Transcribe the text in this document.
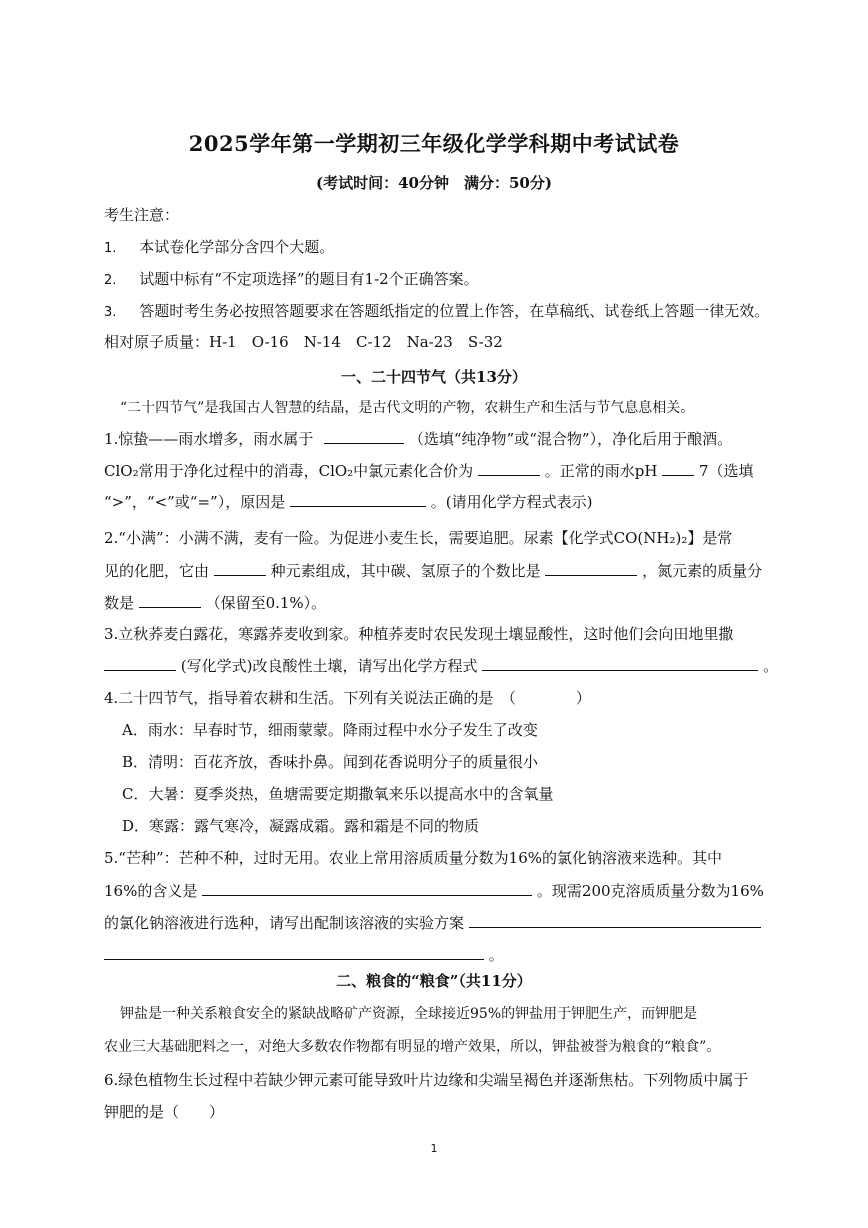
2025学年第一学期初三年级化学学科期中考试试卷
(考试时间：40分钟　满分：50分)
考生注意：
1. 本试卷化学部分含四个大题。
2. 试题中标有“不定项选择”的题目有1-2个正确答案。
3. 答题时考生务必按照答题要求在答题纸指定的位置上作答，在草稿纸、试卷纸上答题一律无效。
相对原子质量：H-1　O-16　N-14　C-12　Na-23　S-32
一、二十四节气（共13分）
“二十四节气”是我国古人智慧的结晶，是古代文明的产物，农耕生产和生活与节气息息相关。
1.惊蛰——雨水增多，雨水属于	（选填“纯净物”或“混合物”），净化后用于酿酒。
ClO₂常用于净化过程中的消毒，ClO₂中氯元素化合价为	。正常的雨水pH	7（选填
“>”，“<”或“=”），原因是	。(请用化学方程式表示)
2.“小满”：小满不满，麦有一险。为促进小麦生长，需要追肥。尿素【化学式CO(NH₂)₂】是常
见的化肥，它由	种元素组成，其中碳、氢原子的个数比是	，氮元素的质量分
数是	（保留至0.1%）。
3.立秋荞麦白露花，寒露荞麦收到家。种植荞麦时农民发现土壤显酸性，这时他们会向田地里撒
(写化学式)改良酸性土壤，请写出化学方程式	。
4.二十四节气，指导着农耕和生活。下列有关说法正确的是　（　　　　）
A．雨水：早春时节，细雨蒙蒙。降雨过程中水分子发生了改变
B．清明：百花齐放，香味扑鼻。闻到花香说明分子的质量很小
C．大暑：夏季炎热，鱼塘需要定期撒氧来乐以提高水中的含氧量
D．寒露：露气寒冷，凝露成霜。露和霜是不同的物质
5.“芒种”：芒种不种，过时无用。农业上常用溶质质量分数为16%的氯化钠溶液来选种。其中
16%的含义是	。现需200克溶质质量分数为16%
的氯化钠溶液进行选种，请写出配制该溶液的实验方案
。
二、粮食的“粮食”（共11分）
钾盐是一种关系粮食安全的紧缺战略矿产资源，全球接近95%的钾盐用于钾肥生产，而钾肥是
农业三大基础肥料之一，对绝大多数农作物都有明显的增产效果，所以，钾盐被誉为粮食的“粮食”。
6.绿色植物生长过程中若缺少钾元素可能导致叶片边缘和尖端呈褐色并逐渐焦枯。下列物质中属于
钾肥的是（　　）
1
